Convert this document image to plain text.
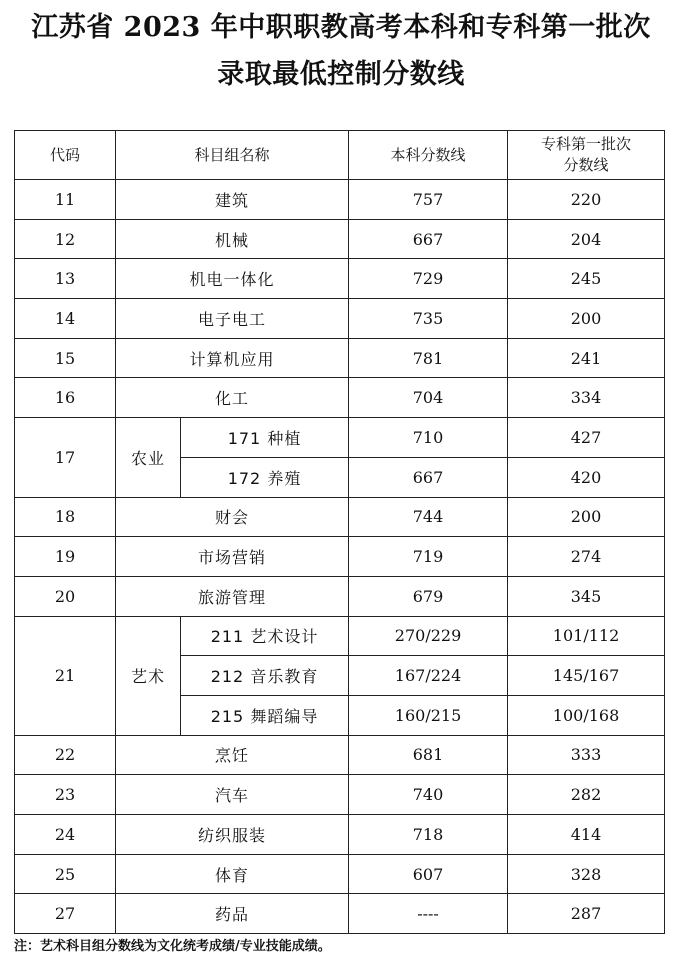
江苏省 2023 年中职职教高考本科和专科第一批次
录取最低控制分数线
代码	科目组名称		本科分数线	专科第一批次
分数线

11	建筑		757	220
12	机械		667	204
13	机电一体化		729	245
14	电子电工		735	200
15	计算机应用		781	241
16	化工		704	334
17	农业	171 种植	710	427
		172 养殖	667	420
18	财会		744	200
19	市场营销		719	274
20	旅游管理		679	345
21	艺术	211 艺术设计	270/229	101/112
		212 音乐教育	167/224	145/167
		215 舞蹈编导	160/215	100/168
22	烹饪		681	333
23	汽车		740	282
24	纺织服装		718	414
25	体育		607	328
27	药品		----	287
注：艺术科目组分数线为文化统考成绩/专业技能成绩。
